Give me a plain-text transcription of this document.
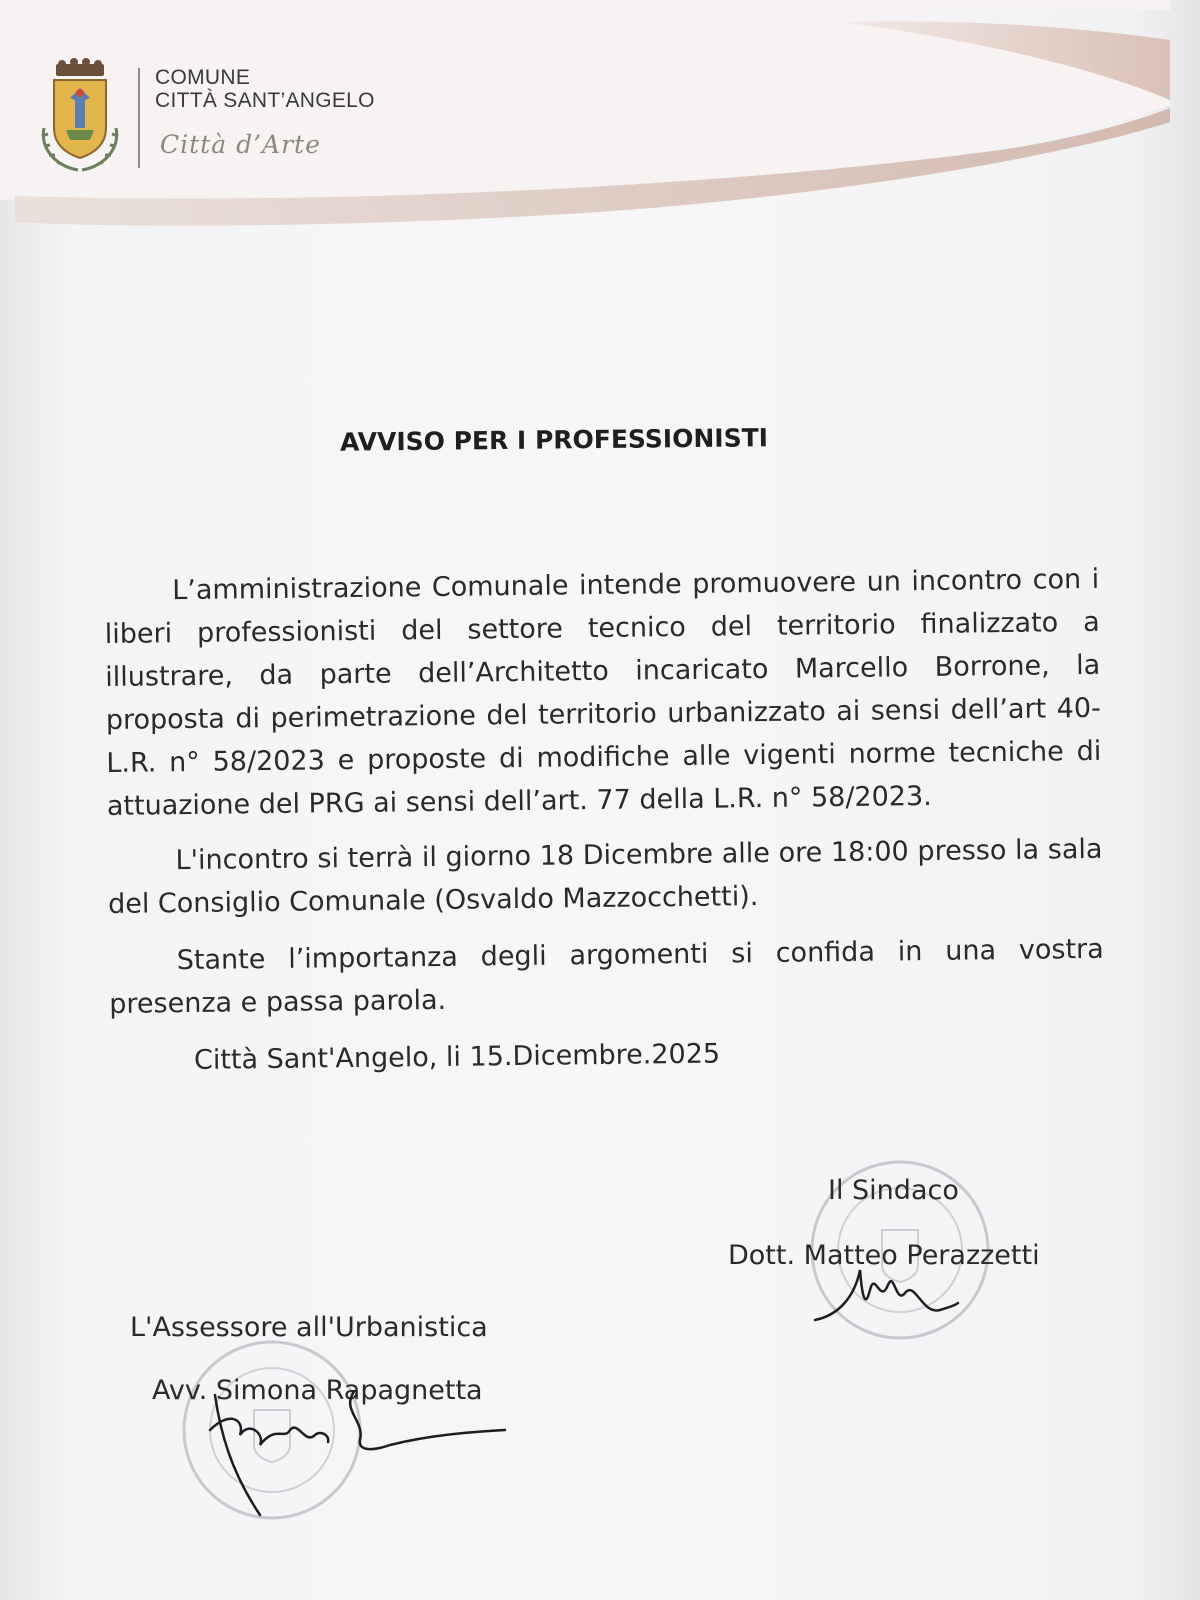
COMUNE
CITTÀ SANT’ANGELO
Città d’Arte
AVVISO PER I PROFESSIONISTI

L’amministrazione Comunale intende promuovere un incontro con i liberi professionisti del settore tecnico del territorio finalizzato a illustrare, da parte dell’Architetto incaricato Marcello Borrone, la proposta di perimetrazione del territorio urbanizzato ai sensi dell’art 40-L.R. n° 58/2023 e proposte di modifiche alle vigenti norme tecniche di attuazione del PRG ai sensi dell’art. 77 della L.R. n° 58/2023.

L'incontro si terrà il giorno 18 Dicembre alle ore 18:00 presso la sala del Consiglio Comunale (Osvaldo Mazzocchetti).

Stante l’importanza degli argomenti si confida in una vostra presenza e passa parola.

Città Sant'Angelo, li 15.Dicembre.2025

Il Sindaco
Dott. Matteo Perazzetti
L'Assessore all'Urbanistica
Avv. Simona Rapagnetta
